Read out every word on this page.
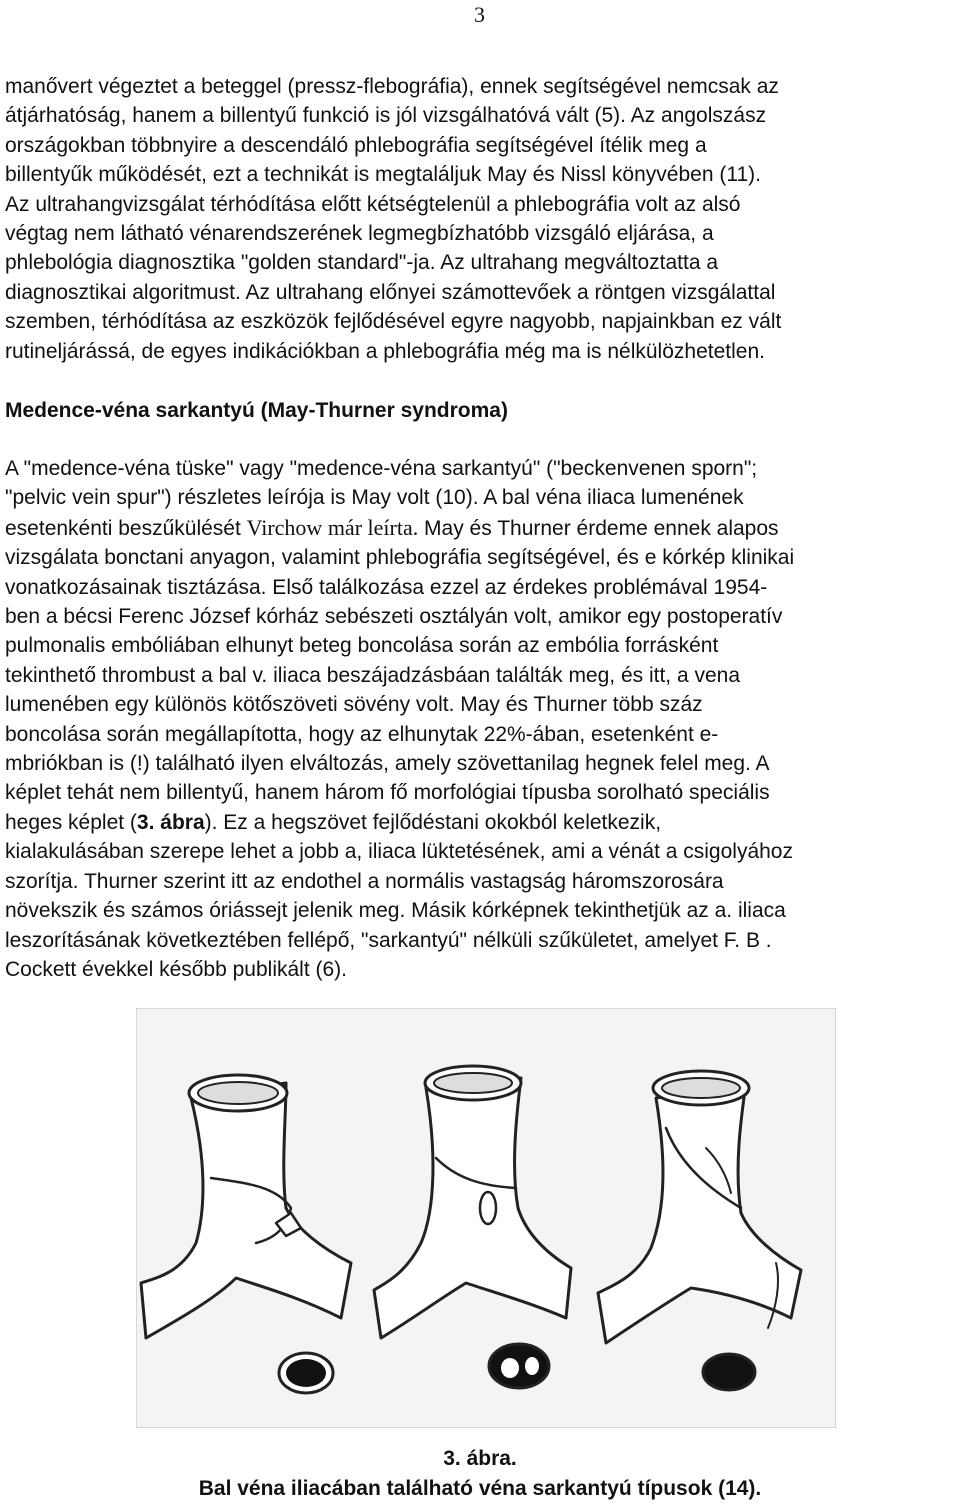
3
manővert végeztet a beteggel (pressz-flebográfia), ennek segítségével nemcsak az
átjárhatóság, hanem a billentyű funkció is jól vizsgálhatóvá vált (5). Az angolszász
országokban többnyire a descendáló phlebográfia segítségével ítélik meg a
billentyűk működését, ezt a technikát is megtaláljuk May és Nissl könyvében (11).
Az ultrahangvizsgálat térhódítása előtt kétségtelenül a phlebográfia volt az alsó
végtag nem látható vénarendszerének legmegbízhatóbb vizsgáló eljárása, a
phlebológia diagnosztika "golden standard"-ja. Az ultrahang megváltoztatta a
diagnosztikai algoritmust. Az ultrahang előnyei számottevőek a röntgen vizsgálattal
szemben, térhódítása az eszközök fejlődésével egyre nagyobb, napjainkban ez vált
rutineljárássá, de egyes indikációkban a phlebográfia még ma is nélkülözhetetlen.
Medence-véna sarkantyú (May-Thurner syndroma)
A "medence-véna tüske" vagy "medence-véna sarkantyú" ("beckenvenen sporn";
"pelvic vein spur") részletes leírója is May volt (10). A bal véna iliaca lumenének
esetenkénti beszűkülését Virchow már leírta. May és Thurner érdeme ennek alapos
vizsgálata bonctani anyagon, valamint phlebográfia segítségével, és e kórkép klinikai
vonatkozásainak tisztázása. Első találkozása ezzel az érdekes problémával 1954-
ben a bécsi Ferenc József kórház sebészeti osztályán volt, amikor egy postoperatív
pulmonalis embóliában elhunyt beteg boncolása során az embólia forrásként
tekinthető thrombust a bal v. iliaca beszájadzásbáan találták meg, és itt, a vena
lumenében egy különös kötőszöveti sövény volt. May és Thurner több száz
boncolása során megállapította, hogy az elhunytak 22%-ában, esetenként e-
mbriókban is (!) található ilyen elváltozás, amely szövettanilag hegnek felel meg. A
képlet tehát nem billentyű, hanem három fő morfológiai típusba sorolható speciális
heges képlet (3. ábra). Ez a hegszövet fejlődéstani okokból keletkezik,
kialakulásában szerepe lehet a jobb a, iliaca lüktetésének, ami a vénát a csigolyához
szorítja. Thurner szerint itt az endothel a normális vastagság háromszorosára
növekszik és számos óriássejt jelenik meg. Másik kórképnek tekinthetjük az a. iliaca
leszorításának következtében fellépő, "sarkantyú" nélküli szűkületet, amelyet F. B .
Cockett évekkel később publikált (6).

3. ábra.

Bal véna iliacában található véna sarkantyú típusok (14).
